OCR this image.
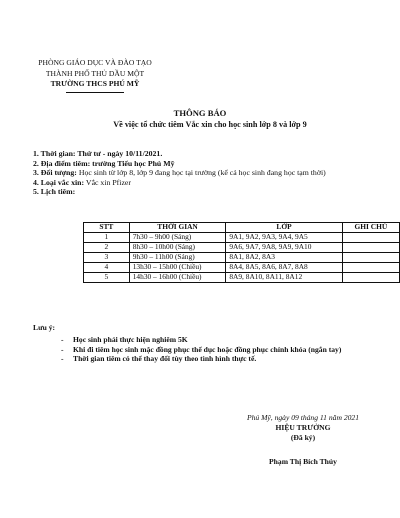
PHÒNG GIÁO DỤC VÀ ĐÀO TẠO
THÀNH PHỐ THỦ DẦU MỘT
TRƯỜNG THCS PHÚ MỸ
THÔNG BÁO
Về việc tổ chức tiêm Vắc xin cho học sinh lớp 8 và lớp 9
1. Thời gian: Thứ tư - ngày 10/11/2021.
2. Địa điểm tiêm: trường Tiểu học Phú Mỹ
3. Đối tượng: Học sinh từ lớp 8, lớp 9 đang học tại trường (kể cả học sinh đang học tạm thời)
4. Loại vắc xin: Vắc xin Pfizer
5. Lịch tiêm:
STT	THỜI GIAN	LỚP	GHI CHÚ
1	7h30 – 9h00 (Sáng)	9A1, 9A2, 9A3, 9A4, 9A5	
2	8h30 – 10h00 (Sáng)	9A6, 9A7, 9A8, 9A9, 9A10	
3	9h30 – 11h00 (Sáng)	8A1, 8A2, 8A3	
4	13h30 – 15h00 (Chiều)	8A4, 8A5, 8A6, 8A7, 8A8	
5	14h30 – 16h00 (Chiều)	8A9, 8A10, 8A11, 8A12	
Lưu ý:
- Học sinh phải thực hiện nghiêm 5K
- Khi đi tiêm học sinh mặc đồng phục thể dục hoặc đồng phục chính khóa (ngắn tay)
- Thời gian tiêm có thể thay đổi tùy theo tình hình thực tế.
Phú Mỹ, ngày 09 tháng 11 năm 2021
HIỆU TRƯỞNG
(Đã ký)
Phạm Thị Bích Thủy
